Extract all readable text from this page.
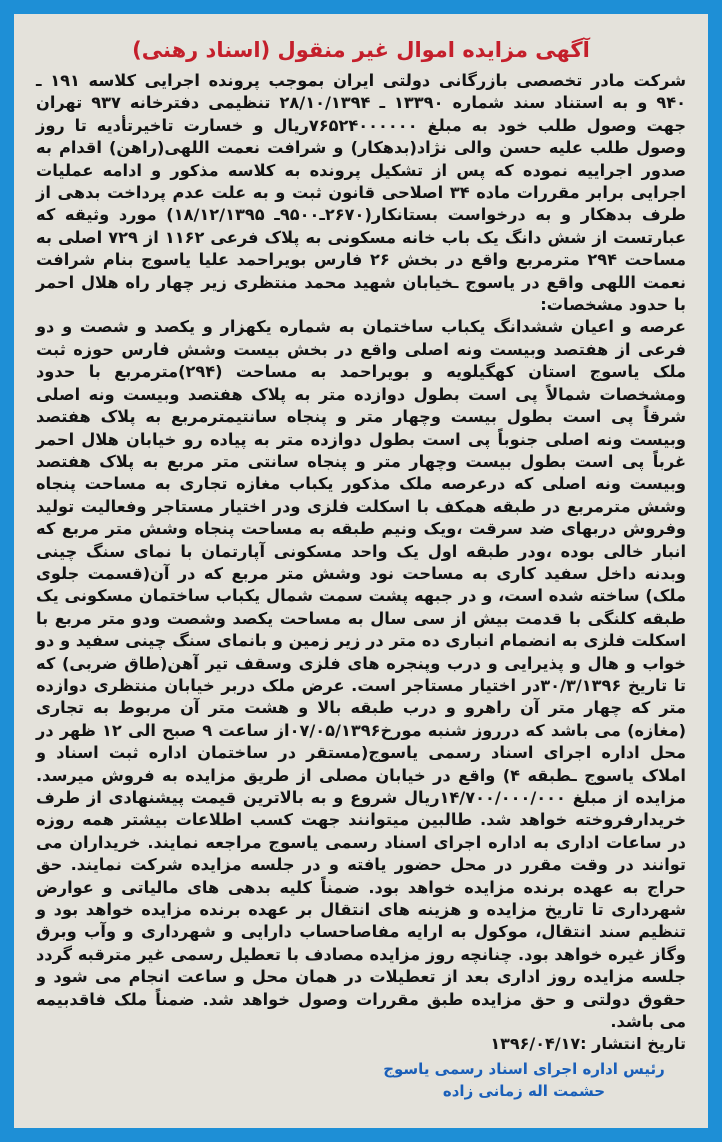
آگهی مزایده اموال غیر منقول (اسناد رهنی)

شرکت مادر تخصصی بازرگانی دولتی ایران بموجب پرونده اجرایی کلاسه ۱۹۱ ـ ۹۴۰ و به استناد سند شماره ۱۳۳۹۰ ـ ۲۸/۱۰/۱۳۹۴ تنظیمی دفترخانه ۹۳۷ تهران جهت وصول طلب خود به مبلغ ۷۶۵۲۴۰۰۰۰۰۰ریال و خسارت تاخیرتأدیه تا روز وصول طلب علیه حسن والی نژاد(بدهکار) و شرافت نعمت اللهی(راهن) اقدام به صدور اجراییه نموده که پس از تشکیل پرونده به کلاسه مذکور و ادامه عملیات اجرایی برابر مقررات ماده ۳۴ اصلاحی قانون ثبت و به علت عدم پرداخت بدهی از طرف بدهکار و به درخواست بستانکار(۲۶۷۰ـ۹۵۰۰ـ ۱۸/۱۲/۱۳۹۵) مورد وثیقه که عبارتست از شش دانگ یک باب خانه مسکونی به پلاک فرعی ۱۱۶۲ از ۷۲۹ اصلی به مساحت ۲۹۴ مترمربع واقع در بخش ۲۶ فارس بویراحمد علیا یاسوج بنام شرافت نعمت اللهی واقع در یاسوج ـخیابان شهید محمد منتظری زیر چهار راه هلال احمر با حدود مشخصات:

عرصه و اعیان ششدانگ یکباب ساختمان به شماره یکهزار و یکصد و شصت و دو فرعی از هفتصد وبیست ونه اصلی واقع در بخش بیست وشش فارس حوزه ثبت ملک یاسوج استان کهگیلویه و بویراحمد به مساحت (۲۹۴)مترمربع با حدود ومشخصات شمالاً پی است بطول دوازده متر به پلاک هفتصد وبیست ونه اصلی شرقاً پی است بطول بیست وچهار متر و پنجاه سانتیمترمربع به پلاک هفتصد وبیست ونه اصلی جنوباً پی است بطول دوازده متر به پیاده رو خیابان هلال احمر غرباً پی است بطول بیست وچهار متر و پنجاه سانتی متر مربع به پلاک هفتصد وبیست ونه اصلی که درعرصه ملک مذکور یکباب مغازه تجاری به مساحت پنجاه وشش مترمربع در طبقه همکف با اسکلت فلزی ودر اختیار مستاجر وفعالیت تولید وفروش دربهای ضد سرقت ،ویک ونیم طبقه به مساحت پنجاه وشش متر مربع که انبار خالی بوده ،ودر طبقه اول یک واحد مسکونی آپارتمان با نمای سنگ چینی وبدنه داخل سفید کاری به مساحت نود وشش متر مربع که در آن(قسمت جلوی ملک) ساخته شده است، و در جبهه پشت سمت شمال یکباب ساختمان مسکونی یک طبقه کلنگی با قدمت بیش از سی سال به مساحت یکصد وشصت ودو متر مربع با اسکلت فلزی به انضمام انباری ده متر در زیر زمین و بانمای سنگ چینی سفید و دو خواب و هال و پذیرایی و درب وپنجره های فلزی وسقف تیر آهن(طاق ضربی) که تا تاریخ ۳۰/۳/۱۳۹۶در اختیار مستاجر است. عرض ملک دربر خیابان منتظری دوازده متر که چهار متر آن راهرو و درب طبقه بالا و هشت متر آن مربوط به تجاری (مغازه) می باشد که درروز شنبه مورخ۰۷/۰۵/۱۳۹۶از ساعت ۹ صبح الی ۱۲ ظهر در محل اداره اجرای اسناد رسمی یاسوج(مستقر در ساختمان اداره ثبت اسناد و املاک یاسوج ـطبقه ۴) واقع در خیابان مصلی از طریق مزایده به فروش میرسد. مزایده از مبلغ ۱۴/۷۰۰/۰۰۰/۰۰۰ریال شروع و به بالاترین قیمت پیشنهادی از طرف خریدارفروخته خواهد شد. طالبین میتوانند جهت کسب اطلاعات بیشتر همه روزه در ساعات اداری به اداره اجرای اسناد رسمی یاسوج مراجعه نمایند. خریداران می توانند در وقت مقرر در محل حضور یافته و در جلسه مزایده شرکت نمایند. حق حراج به عهده برنده مزایده خواهد بود. ضمناً کلیه بدهی های مالیاتی و عوارض شهرداری تا تاریخ مزایده و هزینه های انتقال بر عهده برنده مزایده خواهد بود و تنظیم سند انتقال، موکول به ارایه مفاصاحساب دارایی و شهرداری و وآب وبرق وگاز غیره خواهد بود. چنانچه روز مزایده مصادف با تعطیل رسمی غیر مترقبه گردد جلسه مزایده روز اداری بعد از تعطیلات در همان محل و ساعت انجام می شود و حقوق دولتی و حق مزایده طبق مقررات وصول خواهد شد. ضمناً ملک فاقدبیمه می باشد.

تاریخ انتشار :۱۳۹۶/۰۴/۱۷
رئیس اداره اجرای اسناد رسمی یاسوج
حشمت اله زمانی زاده
